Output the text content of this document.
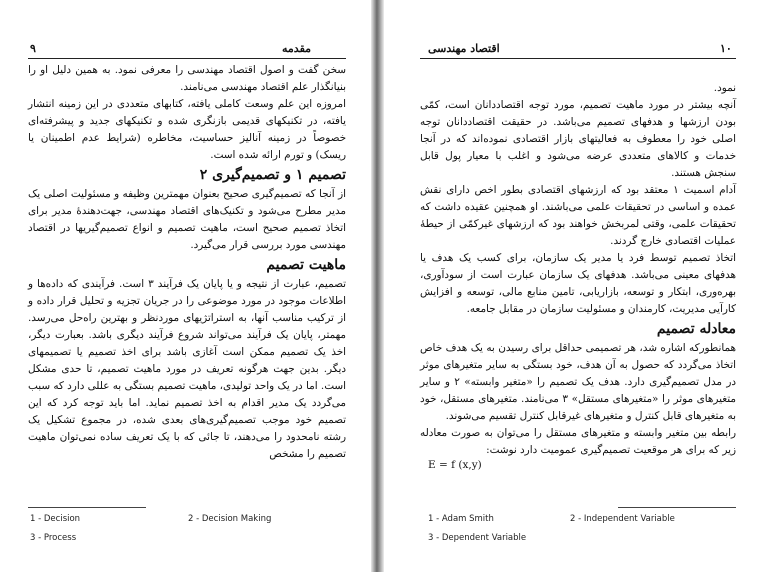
۹	مقدمه

سخن گفت و اصول اقتصاد مهندسی را معرفی نمود. به همین دلیل او را بنیانگذار علم اقتصاد مهندسی می‌نامند.

امروزه این علم وسعت کاملی یافته، کتابهای متعددی در این زمینه انتشار یافته، در تکنیکهای قدیمی بازنگری شده و تکنیکهای جدید و پیشرفته‌ای خصوصاً در زمینه آنالیز حساسیت، مخاطره (شرایط عدم اطمینان یا ریسک) و تورم ارائه شده است.

تصمیم ۱ و تصمیم‌گیری ۲

از آنجا که تصمیم‌گیری صحیح بعنوان مهمترین وظیفه و مسئولیت اصلی یک مدیر مطرح می‌شود و تکنیک‌های اقتصاد مهندسی، جهت‌دهندهٔ مدیر برای اتخاذ تصمیم صحیح است، ماهیت تصمیم و انواع تصمیم‌گیریها در اقتصاد مهندسی مورد بررسی قرار می‌گیرد.

ماهیت تصمیم

تصمیم، عبارت از نتیجه و یا پایان یک فرآیند ۳ است. فرآیندی که داده‌ها و اطلاعات موجود در مورد موضوعی را در جریان تجزیه و تحلیل قرار داده و از ترکیب مناسب آنها، به استراتژیهای موردنظر و بهترین راه‌حل می‌رسد. مهمتر، پایان یک فرآیند می‌تواند شروع فرآیند دیگری باشد. بعبارت دیگر، اخذ یک تصمیم ممکن است آغازی باشد برای اخذ تصمیم یا تصمیمهای دیگر. بدین جهت هرگونه تعریف در مورد ماهیت تصمیم، تا حدی مشکل است. اما در یک واحد تولیدی، ماهیت تصمیم بستگی به عللی دارد که سبب می‌گردد یک مدیر اقدام به اخذ تصمیم نماید. اما باید توجه کرد که این تصمیم خود موجب تصمیم‌گیری‌های بعدی شده، در مجموع تشکیل یک رشته نامحدود را می‌دهند، تا جائی که با یک تعریف ساده نمی‌توان ماهیت تصمیم را مشخص

1 - Decision	2 - Decision Making
3 - Process
۱۰
اقتصاد مهندسی

نمود.

آنچه بیشتر در مورد ماهیت تصمیم، مورد توجه اقتصاددانان است، کمّی بودن ارزشها و هدفهای تصمیم می‌باشد. در حقیقت اقتصاددانان توجه اصلی خود را معطوف به فعالیتهای بازار اقتصادی نموده‌اند که در آنجا خدمات و کالاهای متعددی عرضه می‌شود و اغلب با معیار پول قابل سنجش هستند.

آدام اسمیت ۱ معتقد بود که ارزشهای اقتصادی بطور اخص دارای نقش عمده و اساسی در تحقیقات علمی می‌باشند. او همچنین عقیده داشت که تحقیقات علمی، وقتی لمربخش خواهند بود که ارزشهای غیرکمّی از حیطهٔ عملیات اقتصادی خارج گردند.

اتخاذ تصمیم توسط فرد یا مدیر یک سازمان، برای کسب یک هدف یا هدفهای معینی می‌باشد. هدفهای یک سازمان عبارت است از سودآوری، بهره‌وری، ابتکار و توسعه، بازاریابی، تامین منابع مالی، توسعه و افزایش کارآیی مدیریت، کارمندان و مسئولیت سازمان در مقابل جامعه.

معادله تصمیم

همانطورکه اشاره شد، هر تصمیمی حداقل برای رسیدن به یک هدف خاص اتخاذ می‌گردد که حصول به آن هدف، خود بستگی به سایر متغیرهای موثر در مدل تصمیم‌گیری دارد. هدف یک تصمیم را «متغیر وابسته» ۲ و سایر متغیرهای موثر را «متغیرهای مستقل» ۳ می‌نامند. متغیرهای مستقل، خود به متغیرهای قابل کنترل و متغیرهای غیرقابل کنترل تقسیم می‌شوند.

رابطه بین متغیر وابسته و متغیرهای مستقل را می‌توان به صورت معادله زیر که برای هر موقعیت تصمیم‌گیری عمومیت دارد نوشت:

E = f (x,y)
1 - Adam Smith	2 - Independent Variable
3 - Dependent Variable
